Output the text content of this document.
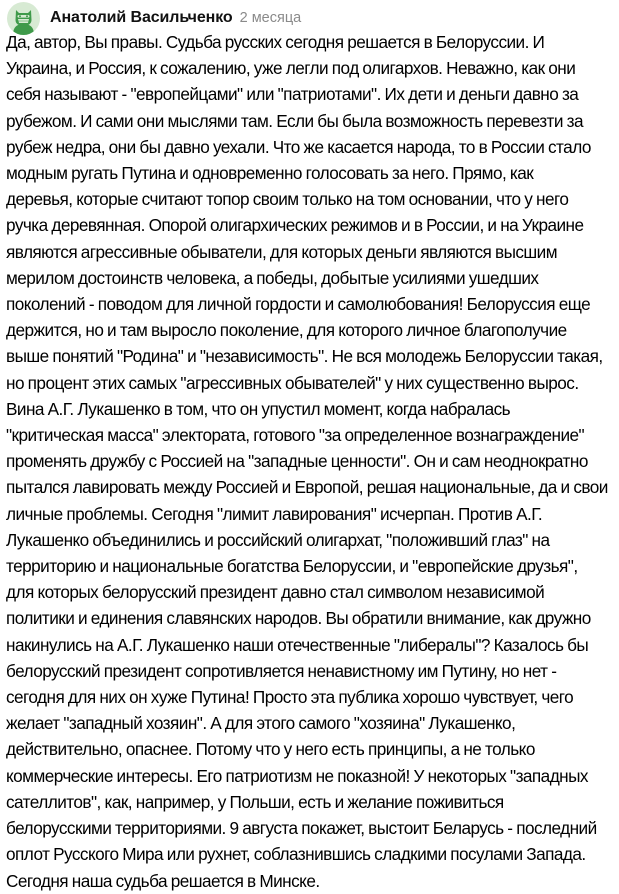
Анатолий Васильченко 2 месяца
Да, автор, Вы правы. Судьба русских сегодня решается в Белоруссии. И
Украина, и Россия, к сожалению, уже легли под олигархов. Неважно, как они
себя называют - "европейцами" или "патриотами". Их дети и деньги давно за
рубежом. И сами они мыслями там. Если бы была возможность перевезти за
рубеж недра, они бы давно уехали. Что же касается народа, то в России стало
модным ругать Путина и одновременно голосовать за него. Прямо, как
деревья, которые считают топор своим только на том основании, что у него
ручка деревянная. Опорой олигархических режимов и в России, и на Украине
являются агрессивные обыватели, для которых деньги являются высшим
мерилом достоинств человека, а победы, добытые усилиями ушедших
поколений - поводом для личной гордости и самолюбования! Белоруссия еще
держится, но и там выросло поколение, для которого личное благополучие
выше понятий "Родина" и "независимость". Не вся молодежь Белоруссии такая,
но процент этих самых "агрессивных обывателей" у них существенно вырос.
Вина А.Г. Лукашенко в том, что он упустил момент, когда набралась
"критическая масса" электората, готового "за определенное вознаграждение"
променять дружбу с Россией на "западные ценности". Он и сам неоднократно
пытался лавировать между Россией и Европой, решая национальные, да и свои
личные проблемы. Сегодня "лимит лавирования" исчерпан. Против А.Г.
Лукашенко объединились и российский олигархат, "положивший глаз" на
территорию и национальные богатства Белоруссии, и "европейские друзья",
для которых белорусский президент давно стал символом независимой
политики и единения славянских народов. Вы обратили внимание, как дружно
накинулись на А.Г. Лукашенко наши отечественные "либералы"? Казалось бы
белорусский президент сопротивляется ненавистному им Путину, но нет -
сегодня для них он хуже Путина! Просто эта публика хорошо чувствует, чего
желает "западный хозяин". А для этого самого "хозяина" Лукашенко,
действительно, опаснее. Потому что у него есть принципы, а не только
коммерческие интересы. Его патриотизм не показной! У некоторых "западных
сателлитов", как, например, у Польши, есть и желание поживиться
белорусскими территориями. 9 августа покажет, выстоит Беларусь - последний
оплот Русского Мира или рухнет, соблазнившись сладкими посулами Запада.
Сегодня наша судьба решается в Минске.
